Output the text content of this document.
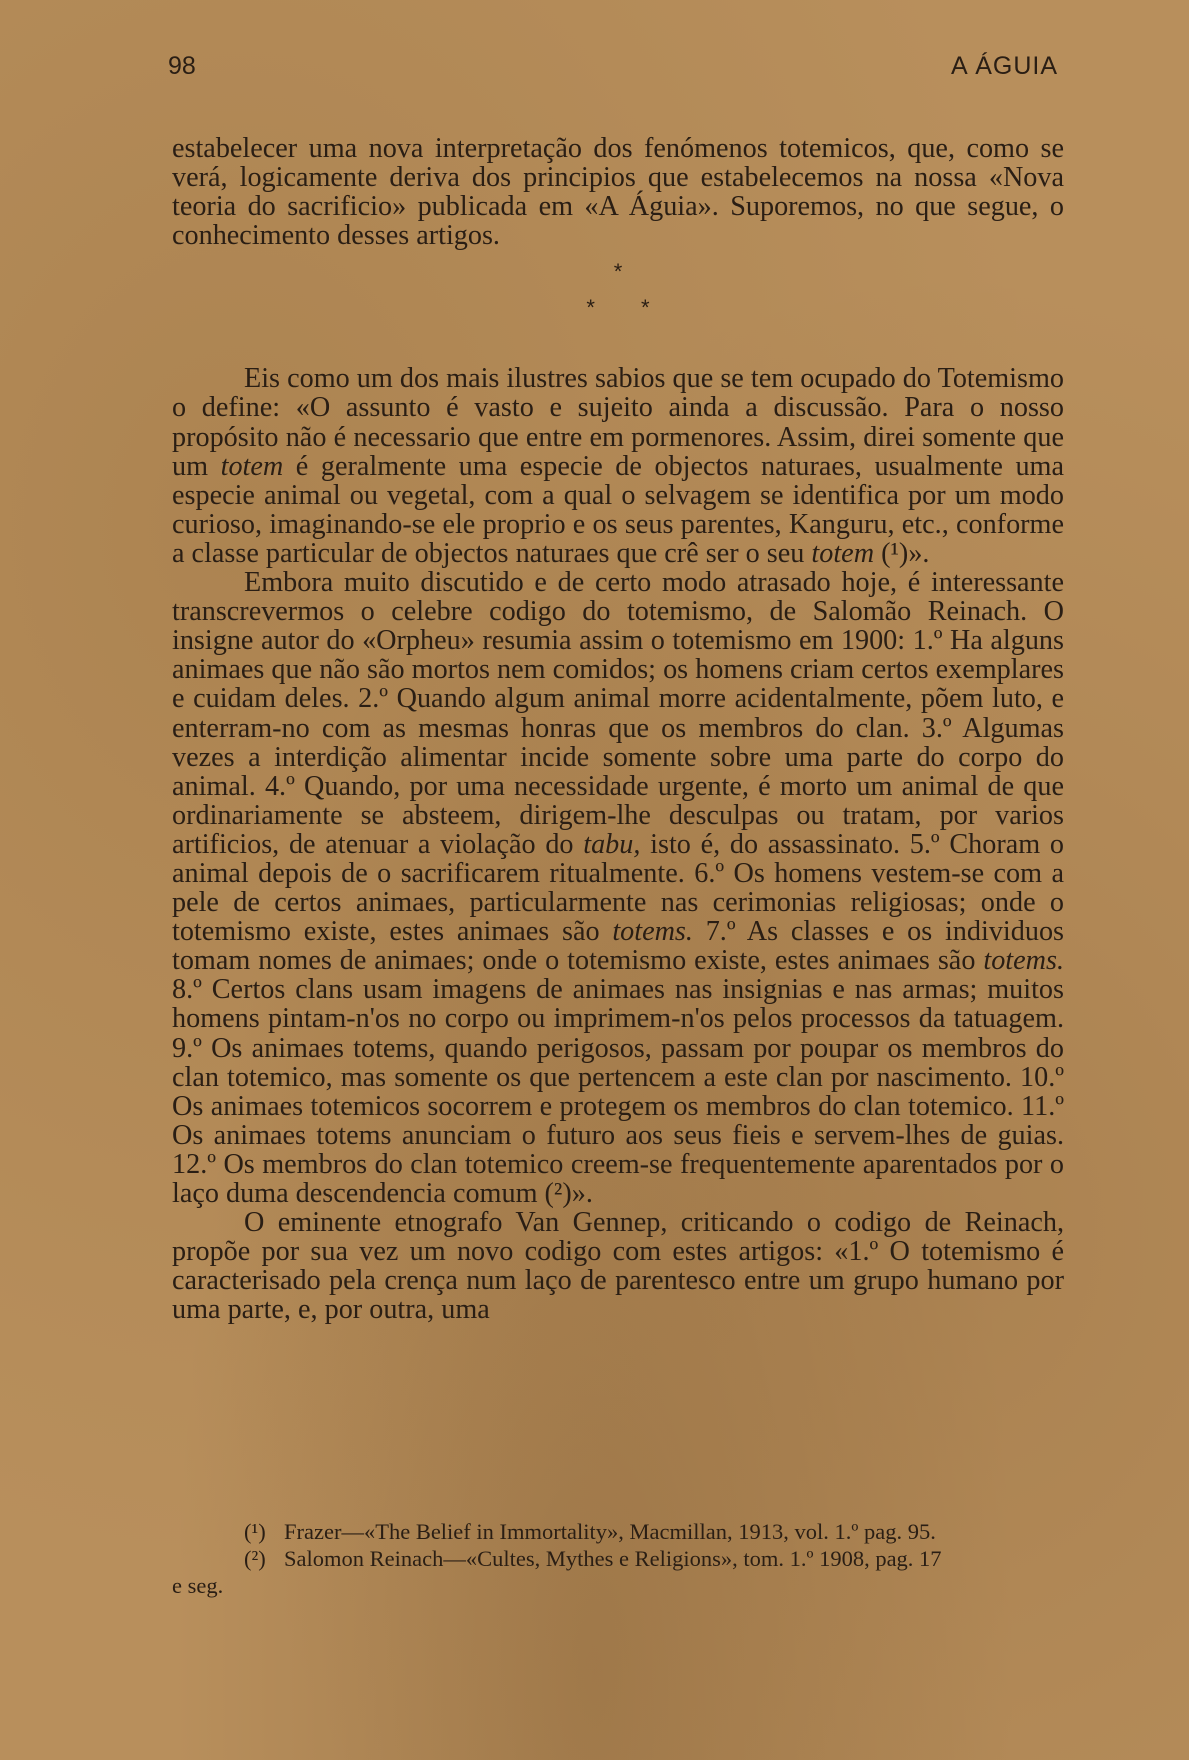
98	A ÁGUIA

estabelecer uma nova interpretação dos fenómenos totemicos, que, como se verá, logicamente deriva dos principios que estabelecemos na nossa «Nova teoria do sacrificio» publicada em «A Águia». Suporemos, no que segue, o conhecimento desses artigos.

*

* *

Eis como um dos mais ilustres sabios que se tem ocupado do Totemismo o define: «O assunto é vasto e sujeito ainda a discussão. Para o nosso propósito não é necessario que entre em pormenores. Assim, direi somente que um totem é geralmente uma especie de objectos naturaes, usualmente uma especie animal ou vegetal, com a qual o selvagem se identifica por um modo curioso, imaginando-se ele proprio e os seus parentes, Kanguru, etc., conforme a classe particular de objectos naturaes que crê ser o seu totem (¹)».

Embora muito discutido e de certo modo atrasado hoje, é interessante transcrevermos o celebre codigo do totemismo, de Salomão Reinach. O insigne autor do «Orpheu» resumia assim o totemismo em 1900: 1.º Ha alguns animaes que não são mortos nem comidos; os homens criam certos exemplares e cuidam deles. 2.º Quando algum animal morre acidentalmente, põem luto, e enterram-no com as mesmas honras que os membros do clan. 3.º Algumas vezes a interdição alimentar incide somente sobre uma parte do corpo do animal. 4.º Quando, por uma necessidade urgente, é morto um animal de que ordinariamente se absteem, dirigem-lhe desculpas ou tratam, por varios artificios, de atenuar a violação do tabu, isto é, do assassinato. 5.º Choram o animal depois de o sacrificarem ritualmente. 6.º Os homens vestem-se com a pele de certos animaes, particularmente nas cerimonias religiosas; onde o totemismo existe, estes animaes são totems. 7.º As classes e os individuos tomam nomes de animaes; onde o totemismo existe, estes animaes são totems. 8.º Certos clans usam imagens de animaes nas insignias e nas armas; muitos homens pintam-n'os no corpo ou imprimem-n'os pelos processos da tatuagem. 9.º Os animaes totems, quando perigosos, passam por poupar os membros do clan totemico, mas somente os que pertencem a este clan por nascimento. 10.º Os animaes totemicos socorrem e protegem os membros do clan totemico. 11.º Os animaes totems anunciam o futuro aos seus fieis e servem-lhes de guias. 12.º Os membros do clan totemico creem-se frequentemente aparentados por o laço duma descendencia comum (²)».

O eminente etnografo Van Gennep, criticando o codigo de Reinach, propõe por sua vez um novo codigo com estes artigos: «1.º O totemismo é caracterisado pela crença num laço de parentesco entre um grupo humano por uma parte, e, por outra, uma

(¹) Frazer—«The Belief in Immortality», Macmillan, 1913, vol. 1.º pag. 95.
(²) Salomon Reinach—«Cultes, Mythes e Religions», tom. 1.º 1908, pag. 17
e seg.
